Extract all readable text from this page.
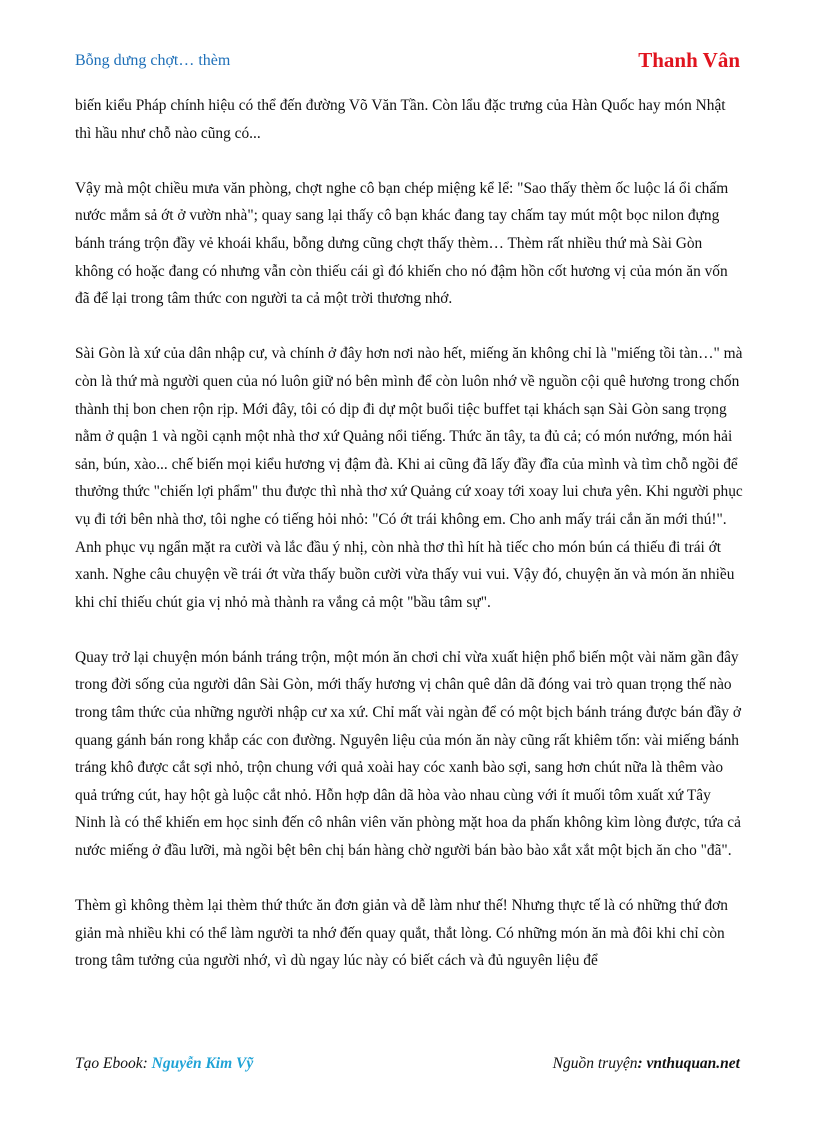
Bỗng dưng chợt… thèm	Thanh Vân

biến kiểu Pháp chính hiệu có thể đến đường Võ Văn Tần. Còn lẩu đặc trưng của Hàn Quốc hay món Nhật thì hầu như chỗ nào cũng có...

Vậy mà một chiều mưa văn phòng, chợt nghe cô bạn chép miệng kể lể: "Sao thấy thèm ốc luộc lá ổi chấm nước mắm sả ớt ở vườn nhà"; quay sang lại thấy cô bạn khác đang tay chấm tay mút một bọc nilon đựng bánh tráng trộn đầy vẻ khoái khẩu, bỗng dưng cũng chợt thấy thèm… Thèm rất nhiều thứ mà Sài Gòn không có hoặc đang có nhưng vẫn còn thiếu cái gì đó khiến cho nó đậm hồn cốt hương vị của món ăn vốn đã để lại trong tâm thức con người ta cả một trời thương nhớ.

Sài Gòn là xứ của dân nhập cư, và chính ở đây hơn nơi nào hết, miếng ăn không chỉ là "miếng tồi tàn…" mà còn là thứ mà người quen của nó luôn giữ nó bên mình để còn luôn nhớ về nguồn cội quê hương trong chốn thành thị bon chen rộn rịp. Mới đây, tôi có dịp đi dự một buổi tiệc buffet tại khách sạn Sài Gòn sang trọng nằm ở quận 1 và ngồi cạnh một nhà thơ xứ Quảng nổi tiếng. Thức ăn tây, ta đủ cả; có món nướng, món hải sản, bún, xào... chế biến mọi kiểu hương vị đậm đà. Khi ai cũng đã lấy đầy đĩa của mình và tìm chỗ ngồi để thưởng thức "chiến lợi phẩm" thu được thì nhà thơ xứ Quảng cứ xoay tới xoay lui chưa yên. Khi người phục vụ đi tới bên nhà thơ, tôi nghe có tiếng hỏi nhỏ: "Có ớt trái không em. Cho anh mấy trái cắn ăn mới thú!". Anh phục vụ ngẩn mặt ra cười và lắc đầu ý nhị, còn nhà thơ thì hít hà tiếc cho món bún cá thiếu đi trái ớt xanh. Nghe câu chuyện về trái ớt vừa thấy buồn cười vừa thấy vui vui. Vậy đó, chuyện ăn và món ăn nhiều khi chỉ thiếu chút gia vị nhỏ mà thành ra vắng cả một "bầu tâm sự".

Quay trở lại chuyện món bánh tráng trộn, một món ăn chơi chỉ vừa xuất hiện phổ biến một vài năm gần đây trong đời sống của người dân Sài Gòn, mới thấy hương vị chân quê dân dã đóng vai trò quan trọng thế nào trong tâm thức của những người nhập cư xa xứ. Chỉ mất vài ngàn để có một bịch bánh tráng được bán đầy ở quang gánh bán rong khắp các con đường. Nguyên liệu của món ăn này cũng rất khiêm tốn: vài miếng bánh tráng khô được cắt sợi nhỏ, trộn chung với quả xoài hay cóc xanh bào sợi, sang hơn chút nữa là thêm vào quả trứng cút, hay hột gà luộc cắt nhỏ. Hỗn hợp dân dã hòa vào nhau cùng với ít muối tôm xuất xứ Tây Ninh là có thể khiến em học sinh đến cô nhân viên văn phòng mặt hoa da phấn không kìm lòng được, tứa cả nước miếng ở đầu lưỡi, mà ngồi bệt bên chị bán hàng chờ người bán bào bào xắt xắt một bịch ăn cho "đã".

Thèm gì không thèm lại thèm thứ thức ăn đơn giản và dễ làm như thế! Nhưng thực tế là có những thứ đơn giản mà nhiều khi có thể làm người ta nhớ đến quay quắt, thắt lòng. Có những món ăn mà đôi khi chỉ còn trong tâm tưởng của người nhớ, vì dù ngay lúc này có biết cách và đủ nguyên liệu để

Tạo Ebook: Nguyễn Kim Vỹ	Nguồn truyện: vnthuquan.net
